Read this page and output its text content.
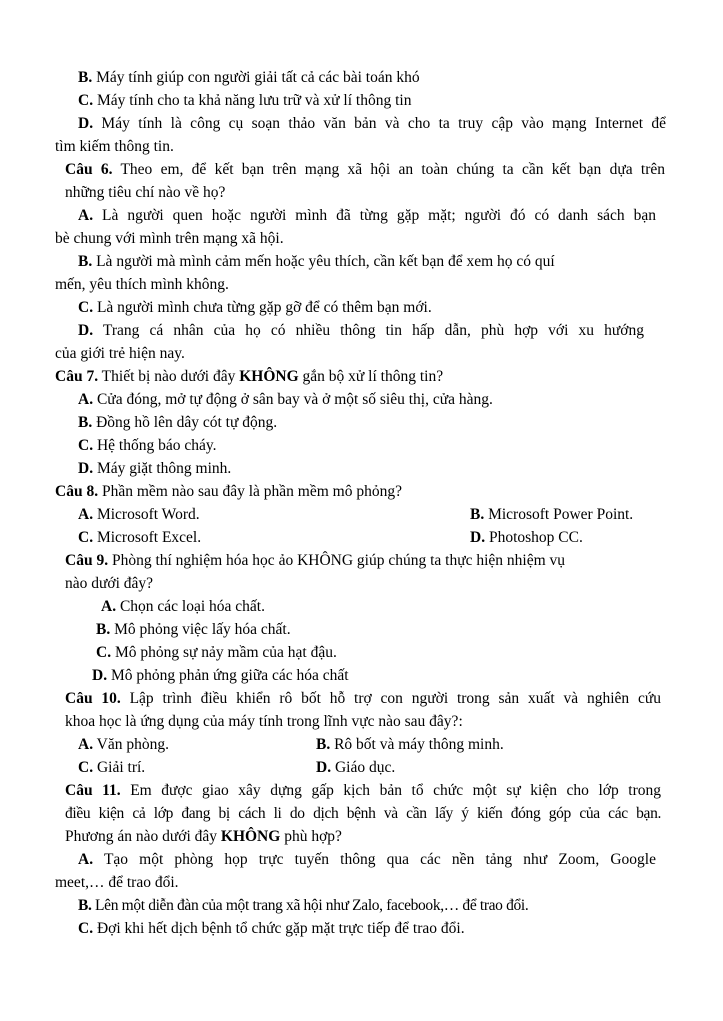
B. Máy tính giúp con người giải tất cả các bài toán khó
C. Máy tính cho ta khả năng lưu trữ và xử lí thông tin
D. Máy tính là công cụ soạn thảo văn bản và cho ta truy cập vào mạng Internet để
tìm kiếm thông tin.
Câu 6. Theo em, để kết bạn trên mạng xã hội an toàn chúng ta cần kết bạn dựa trên
những tiêu chí nào về họ?
A. Là người quen hoặc người mình đã từng gặp mặt; người đó có danh sách bạn
bè chung với mình trên mạng xã hội.
B. Là người mà mình cảm mến hoặc yêu thích, cần kết bạn để xem họ có quí
mến, yêu thích mình không.
C. Là người mình chưa từng gặp gỡ để có thêm bạn mới.
D. Trang cá nhân của họ có nhiều thông tin hấp dẫn, phù hợp với xu hướng
của giới trẻ hiện nay.
Câu 7. Thiết bị nào dưới đây KHÔNG gắn bộ xử lí thông tin?
A. Cửa đóng, mở tự động ở sân bay và ở một số siêu thị, cửa hàng.
B. Đồng hồ lên dây cót tự động.
C. Hệ thống báo cháy.
D. Máy giặt thông minh.
Câu 8. Phần mềm nào sau đây là phần mềm mô phỏng?
A. Microsoft Word.	B. Microsoft Power Point.
C. Microsoft Excel.	D. Photoshop CC.
Câu 9. Phòng thí nghiệm hóa học ảo KHÔNG giúp chúng ta thực hiện nhiệm vụ
nào dưới đây?
A. Chọn các loại hóa chất.
B. Mô phỏng việc lấy hóa chất.
C. Mô phỏng sự nảy mầm của hạt đậu.
D. Mô phỏng phản ứng giữa các hóa chất
Câu 10. Lập trình điều khiển rô bốt hỗ trợ con người trong sản xuất và nghiên cứu
khoa học là ứng dụng của máy tính trong lĩnh vực nào sau đây?:
A. Văn phòng.	B. Rô bốt và máy thông minh.
C. Giải trí.	D. Giáo dục.
Câu 11. Em được giao xây dựng gấp kịch bản tổ chức một sự kiện cho lớp trong
điều kiện cả lớp đang bị cách li do dịch bệnh và cần lấy ý kiến đóng góp của các bạn.
Phương án nào dưới đây KHÔNG phù hợp?
A. Tạo một phòng họp trực tuyến thông qua các nền tảng như Zoom, Google
meet,… để trao đổi.
B. Lên một diễn đàn của một trang xã hội như Zalo, facebook,… để trao đổi.
C. Đợi khi hết dịch bệnh tổ chức gặp mặt trực tiếp để trao đổi.
